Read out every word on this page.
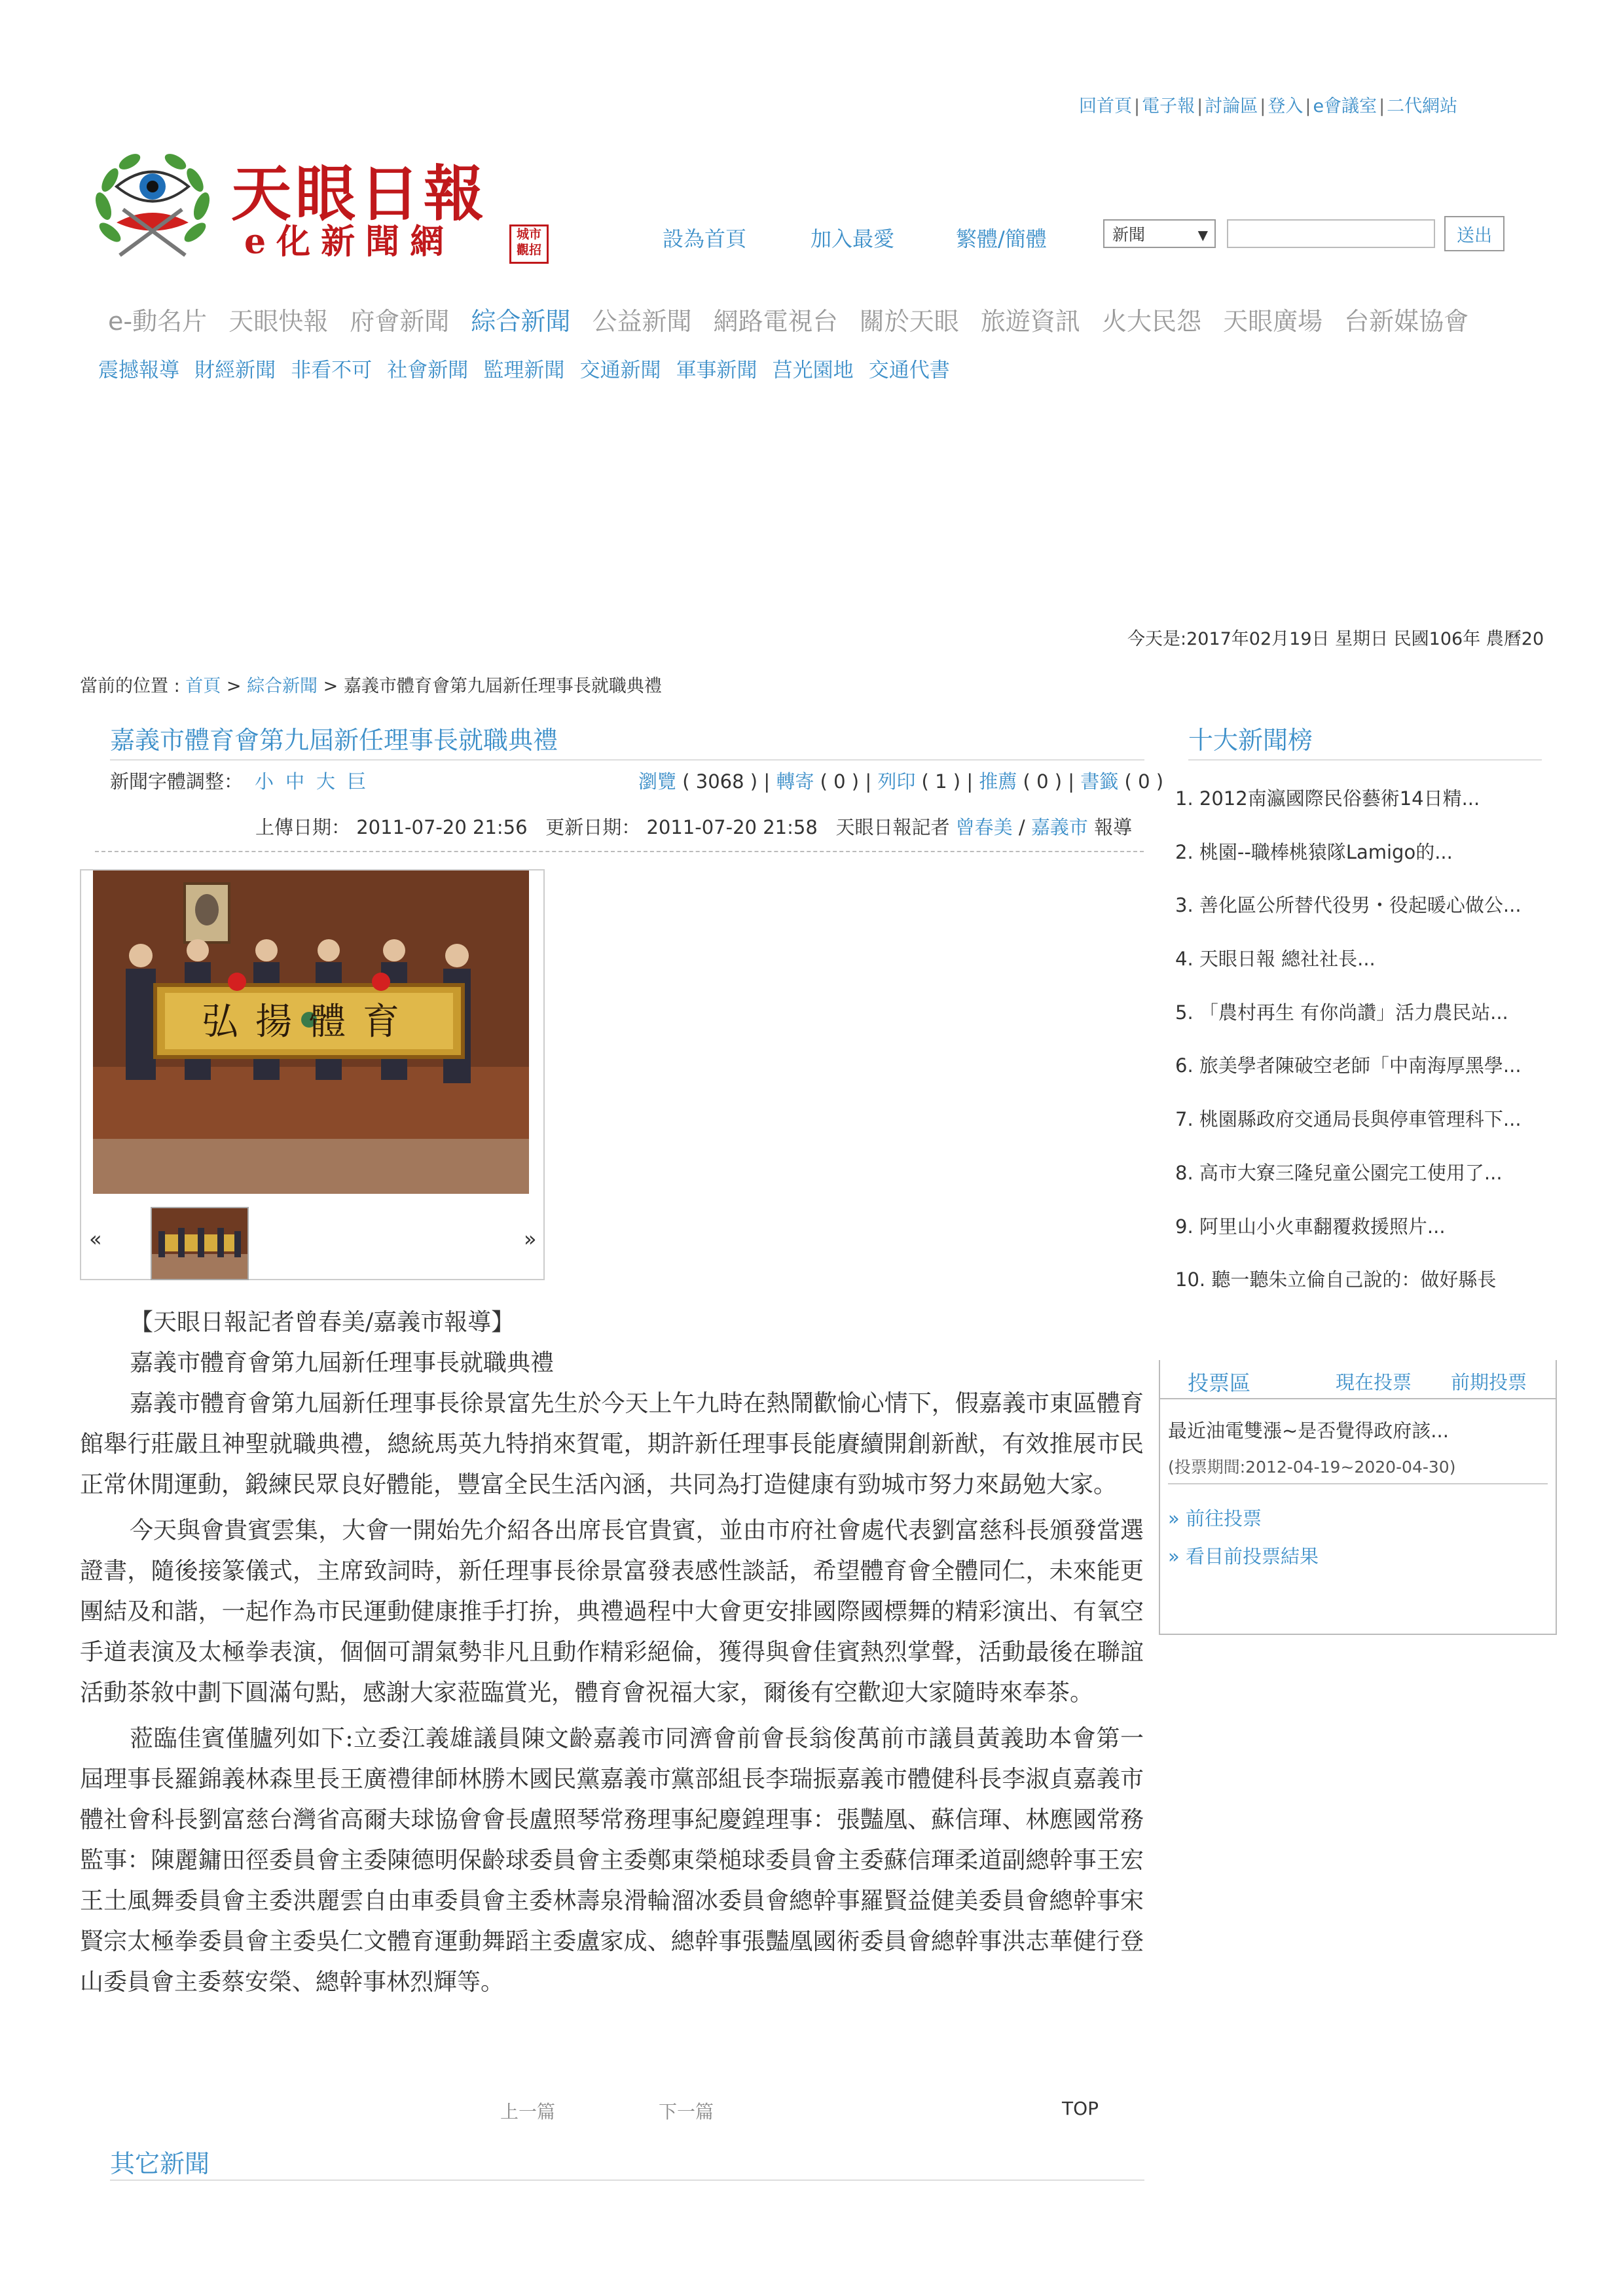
回首頁 | 電子報 | 討論區 | 登入 | e會議室 | 二代網站
天眼日報
e化新聞網	城市 觀招	設為首頁	加入最愛	繁體/簡體	新聞	▼	送出
e-動名片 天眼快報 府會新聞 綜合新聞 公益新聞 網路電視台 關於天眼 旅遊資訊 火大民怨 天眼廣場 台新媒協會
震撼報導 財經新聞 非看不可 社會新聞 監理新聞 交通新聞 軍事新聞 莒光園地 交通代書
今天是:2017年02月19日 星期日 民國106年 農曆20
當前的位置 : 首頁 > 綜合新聞 > 嘉義市體育會第九屆新任理事長就職典禮
嘉義市體育會第九屆新任理事長就職典禮
新聞字體調整： 小 中 大 巨	瀏覽 ( 3068 ) | 轉寄 ( 0 ) | 列印 ( 1 ) | 推薦 ( 0 ) | 書籤 ( 0 )
上傳日期： 2011-07-20 21:56 更新日期： 2011-07-20 21:58 天眼日報記者 曾春美 / 嘉義市 報導
弘揚體育
«	»

【天眼日報記者曾春美/嘉義市報導】

嘉義市體育會第九屆新任理事長就職典禮

嘉義市體育會第九屆新任理事長徐景富先生於今天上午九時在熱鬧歡愉心情下，假嘉義市東區體育館舉行莊嚴且神聖就職典禮，總統馬英九特捎來賀電，期許新任理事長能賡續開創新猷，有效推展市民正常休閒運動，鍛練民眾良好體能，豐富全民生活內涵，共同為打造健康有勁城市努力來勗勉大家。

今天與會貴賓雲集，大會一開始先介紹各出席長官貴賓，並由市府社會處代表劉富慈科長頒發當選證書，隨後接篆儀式，主席致詞時，新任理事長徐景富發表感性談話，希望體育會全體同仁，未來能更團結及和諧，一起作為市民運動健康推手打拚，典禮過程中大會更安排國際國標舞的精彩演出、有氧空手道表演及太極拳表演，個個可謂氣勢非凡且動作精彩絕倫，獲得與會佳賓熱烈掌聲，活動最後在聯誼活動茶敘中劃下圓滿句點，感謝大家蒞臨賞光，體育會祝福大家，爾後有空歡迎大家隨時來奉茶。

蒞臨佳賓僅臚列如下:立委江義雄議員陳文齡嘉義市同濟會前會長翁俊萬前市議員黃義助本會第一屆理事長羅錦義林森里長王廣禮律師林勝木國民黨嘉義市黨部組長李瑞振嘉義市體健科長李淑貞嘉義市體社會科長劉富慈台灣省高爾夫球協會會長盧照琴常務理事紀慶鍠理事：張豔凰、蘇信琿、林應國常務監事：陳麗鏞田徑委員會主委陳德明保齡球委員會主委鄭東榮槌球委員會主委蘇信琿柔道副總幹事王宏王土風舞委員會主委洪麗雲自由車委員會主委林壽泉滑輪溜冰委員會總幹事羅賢益健美委員會總幹事宋賢宗太極拳委員會主委吳仁文體育運動舞蹈主委盧家成、總幹事張豔凰國術委員會總幹事洪志華健行登山委員會主委蔡安榮、總幹事林烈輝等。

上一篇	下一篇	TOP
其它新聞
十大新聞榜
1. 2012南瀛國際民俗藝術14日精...
2. 桃園--職棒桃猿隊Lamigo的...
3. 善化區公所替代役男・役起暖心做公...
4. 天眼日報 總社社長...
5. 「農村再生 有你尚讚」活力農民站...
6. 旅美學者陳破空老師「中南海厚黑學...
7. 桃園縣政府交通局長與停車管理科下...
8. 高市大寮三隆兒童公園完工使用了...
9. 阿里山小火車翻覆救援照片...
10. 聽一聽朱立倫自己說的：做好縣長
投票區	現在投票 前期投票
最近油電雙漲~是否覺得政府該...
(投票期間:2012-04-19~2020-04-30)
» 前往投票
» 看目前投票結果
